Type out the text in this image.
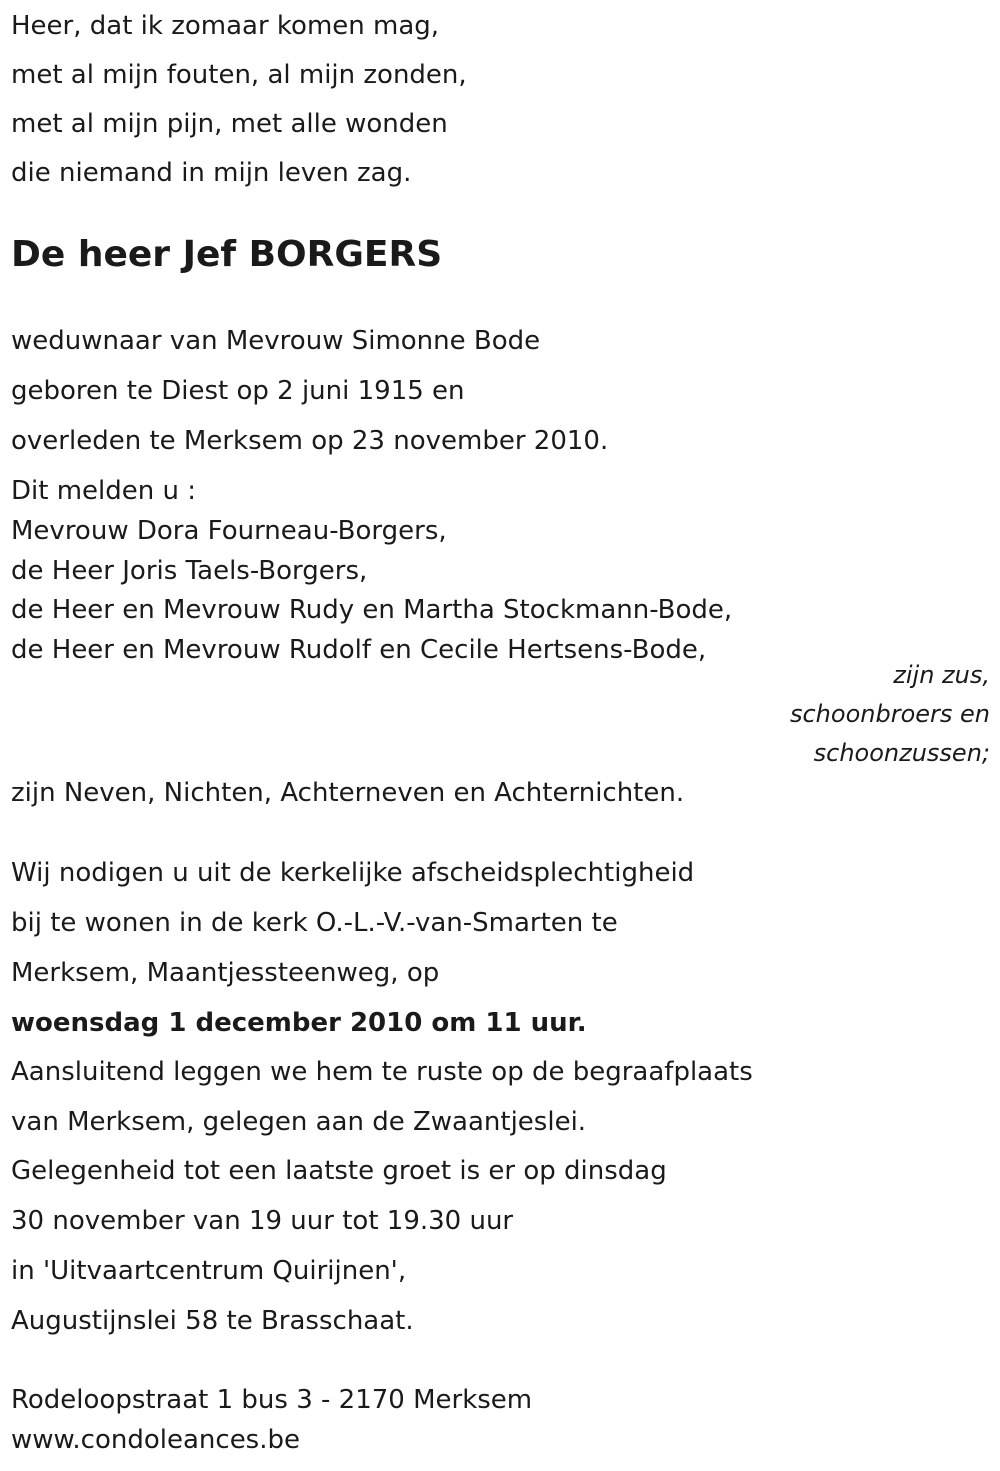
Heer, dat ik zomaar komen mag,
met al mijn fouten, al mijn zonden,
met al mijn pijn, met alle wonden
die niemand in mijn leven zag.
De heer Jef BORGERS
weduwnaar van Mevrouw Simonne Bode
geboren te Diest op 2 juni 1915 en
overleden te Merksem op 23 november 2010.
Dit melden u :
Mevrouw Dora Fourneau-Borgers,
de Heer Joris Taels-Borgers,
de Heer en Mevrouw Rudy en Martha Stockmann-Bode,
de Heer en Mevrouw Rudolf en Cecile Hertsens-Bode,
zijn zus,
schoonbroers en
schoonzussen;
zijn Neven, Nichten, Achterneven en Achternichten.
Wij nodigen u uit de kerkelijke afscheidsplechtigheid
bij te wonen in de kerk O.-L.-V.-van-Smarten te
Merksem, Maantjessteenweg, op
woensdag 1 december 2010 om 11 uur.
Aansluitend leggen we hem te ruste op de begraafplaats
van Merksem, gelegen aan de Zwaantjeslei.
Gelegenheid tot een laatste groet is er op dinsdag
30 november van 19 uur tot 19.30 uur
in 'Uitvaartcentrum Quirijnen',
Augustijnslei 58 te Brasschaat.
Rodeloopstraat 1 bus 3 - 2170 Merksem
www.condoleances.be
